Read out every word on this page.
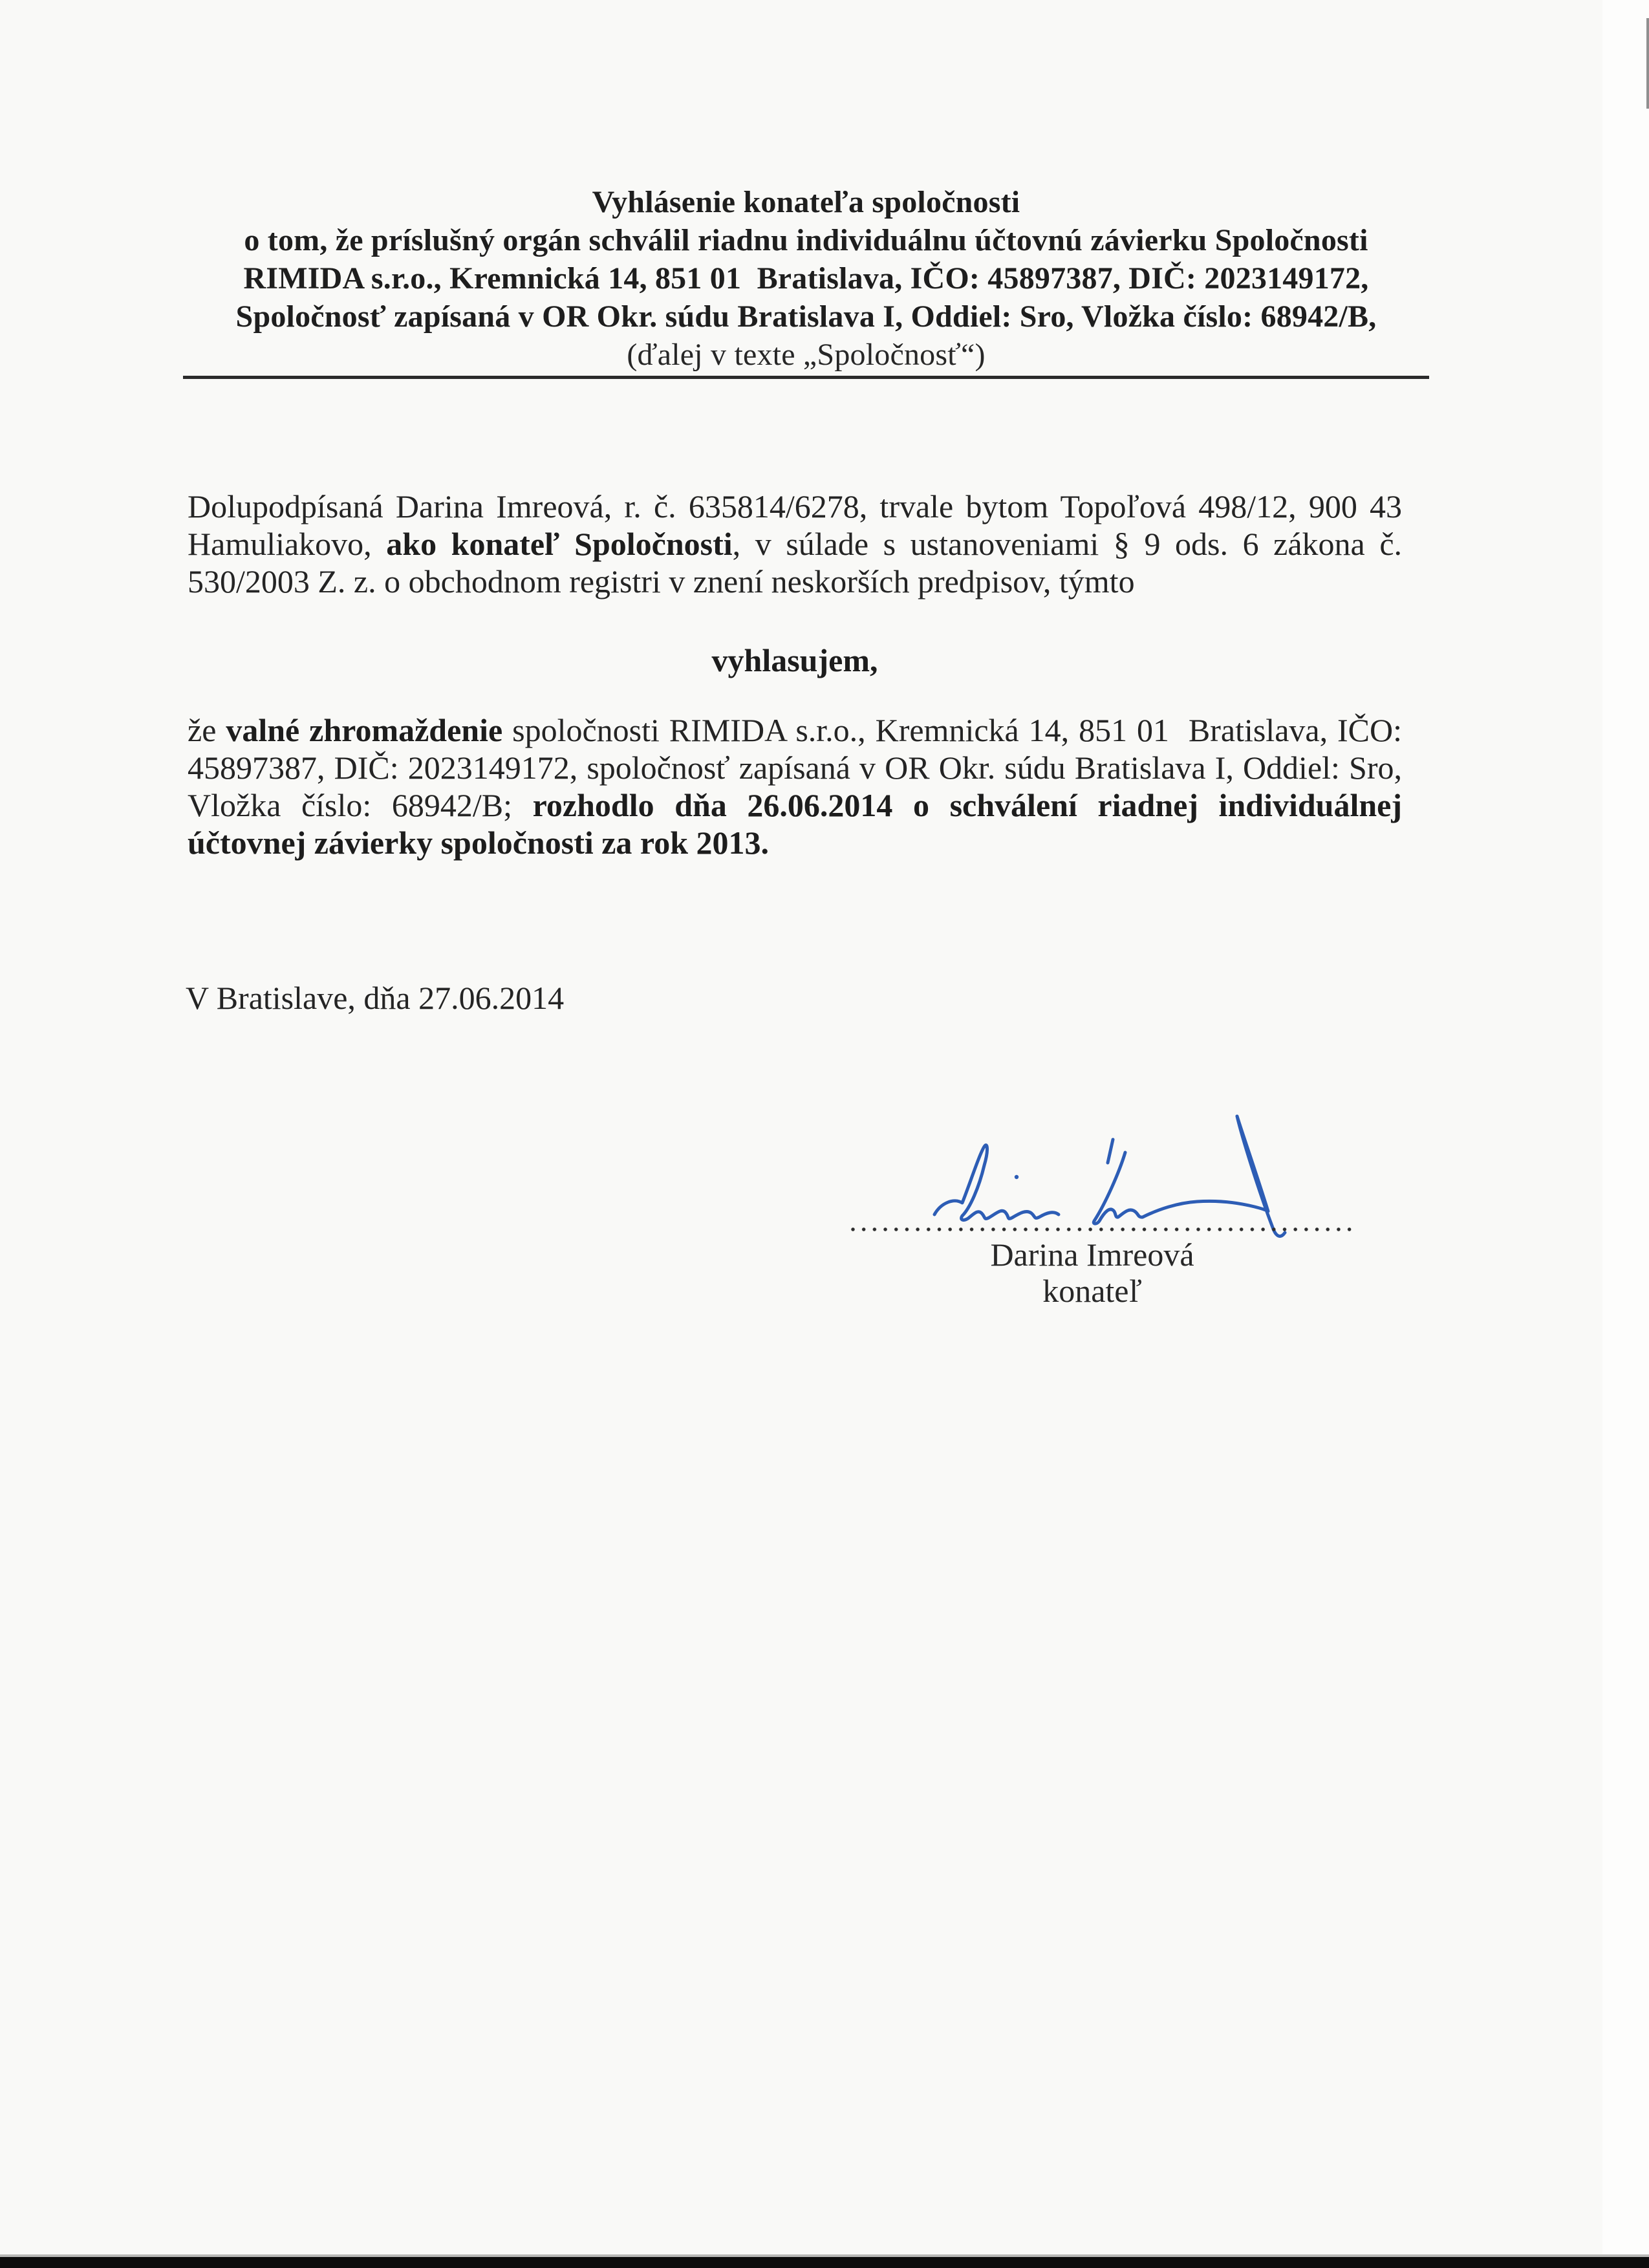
Vyhlásenie konateľa spoločnosti
o tom, že príslušný orgán schválil riadnu individuálnu účtovnú závierku Spoločnosti
RIMIDA s.r.o., Kremnická 14, 851 01  Bratislava, IČO: 45897387, DIČ: 2023149172,
Spoločnosť zapísaná v OR Okr. súdu Bratislava I, Oddiel: Sro, Vložka číslo: 68942/B,
(ďalej v texte „Spoločnosť“)

Dolupodpísaná Darina Imreová, r. č. 635814/6278, trvale bytom Topoľová 498/12, 900 43 Hamuliakovo, ako konateľ Spoločnosti, v súlade s ustanoveniami § 9 ods. 6 zákona č. 530/2003 Z. z. o obchodnom registri v znení neskorších predpisov, týmto

vyhlasujem,

že valné zhromaždenie spoločnosti RIMIDA s.r.o., Kremnická 14, 851 01  Bratislava, IČO: 45897387, DIČ: 2023149172, spoločnosť zapísaná v OR Okr. súdu Bratislava I, Oddiel: Sro, Vložka číslo: 68942/B; rozhodlo dňa 26.06.2014 o schválení riadnej individuálnej účtovnej závierky spoločnosti za rok 2013.

V Bratislave, dňa 27.06.2014
Darina Imreová
konateľ
